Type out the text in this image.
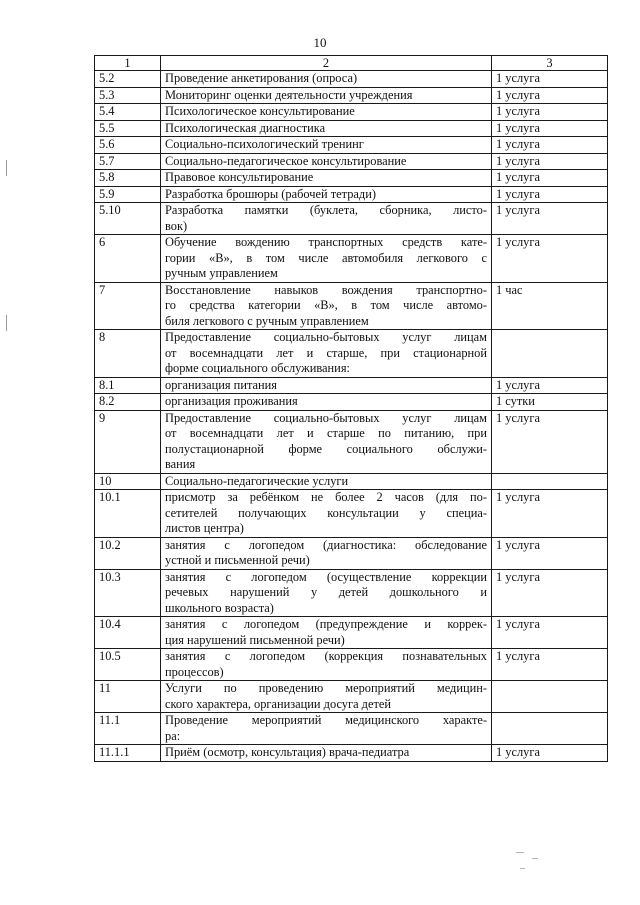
10
1	2	3
5.2	Проведение анкетирования (опроса)	1 услуга
5.3	Мониторинг оценки деятельности учреждения	1 услуга
5.4	Психологическое консультирование	1 услуга
5.5	Психологическая диагностика	1 услуга
5.6	Социально-психологический тренинг	1 услуга
5.7	Социально-педагогическое консультирование	1 услуга
5.8	Правовое консультирование	1 услуга
5.9	Разработка брошюры (рабочей тетради)	1 услуга
5.10	Разработка памятки (буклета, сборника, листо-
вок)	1 услуга
6	Обучение вождению транспортных средств кате-
гории «В», в том числе автомобиля легкового с
ручным управлением	1 услуга
7	Восстановление навыков вождения транспортно-
го средства категории «В», в том числе автомо-
биля легкового с ручным управлением	1 час
8	Предоставление социально-бытовых услуг лицам
от восемнадцати лет и старше, при стационарной
форме социального обслуживания:	

8.1	организация питания	1 услуга
8.2	организация проживания	1 сутки
9	Предоставление социально-бытовых услуг лицам
от восемнадцати лет и старше по питанию, при
полустационарной форме социального обслужи-
вания	1 услуга
10	Социально-педагогические услуги	

10.1	присмотр за ребёнком не более 2 часов (для по-
сетителей получающих консультации у специа-
листов центра)	1 услуга
10.2	занятия с логопедом (диагностика: обследование
устной и письменной речи)	1 услуга
10.3	занятия с логопедом (осуществление коррекции
речевых нарушений у детей дошкольного и
школьного возраста)	1 услуга
10.4	занятия с логопедом (предупреждение и коррек-
ция нарушений письменной речи)	1 услуга
10.5	занятия с логопедом (коррекция познавательных
процессов)	1 услуга
11	Услуги по проведению мероприятий медицин-
ского характера, организации досуга детей	

11.1	Проведение мероприятий медицинского характе-
ра:	

11.1.1	Приём (осмотр, консультация) врача-педиатра	1 услуга
